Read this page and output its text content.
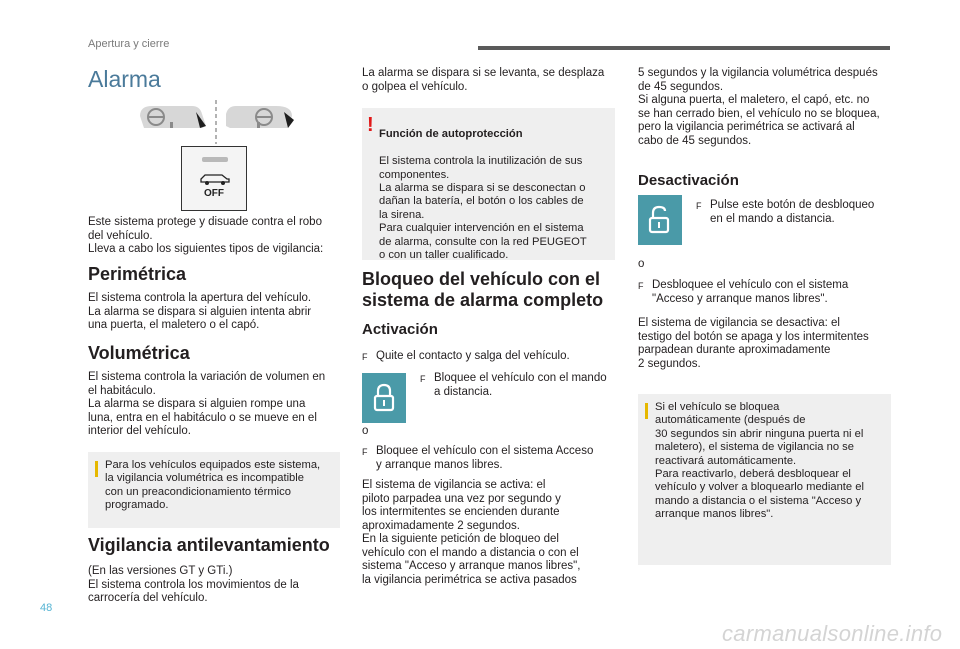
Apertura y cierre
Alarma
OFF
Este sistema protege y disuade contra el robo
del vehículo.
Lleva a cabo los siguientes tipos de vigilancia:
Perimétrica
El sistema controla la apertura del vehículo.
La alarma se dispara si alguien intenta abrir
una puerta, el maletero o el capó.
Volumétrica
El sistema controla la variación de volumen en
el habitáculo.
La alarma se dispara si alguien rompe una
luna, entra en el habitáculo o se mueve en el
interior del vehículo.
Para los vehículos equipados este sistema,
la vigilancia volumétrica es incompatible
con un preacondicionamiento térmico
programado.
Vigilancia antilevantamiento
(En las versiones GT y GTi.)
El sistema controla los movimientos de la
carrocería del vehículo.
La alarma se dispara si se levanta, se desplaza
o golpea el vehículo.
! Función de autoprotección

El sistema controla la inutilización de sus
componentes.
La alarma se dispara si se desconectan o
dañan la batería, el botón o los cables de
la sirena.
Para cualquier intervención en el sistema
de alarma, consulte con la red PEUGEOT
o con un taller cualificado.

Bloqueo del vehículo con el
sistema de alarma completo
Activación
F Quite el contacto y salga del vehículo.
F Bloquee el vehículo con el mando
a distancia.
o
F Bloquee el vehículo con el sistema Acceso
y arranque manos libres.
El sistema de vigilancia se activa: el
piloto parpadea una vez por segundo y
los intermitentes se encienden durante
aproximadamente 2 segundos.
En la siguiente petición de bloqueo del
vehículo con el mando a distancia o con el
sistema "Acceso y arranque manos libres",
la vigilancia perimétrica se activa pasados
5 segundos y la vigilancia volumétrica después
de 45 segundos.
Si alguna puerta, el maletero, el capó, etc. no
se han cerrado bien, el vehículo no se bloquea,
pero la vigilancia perimétrica se activará al
cabo de 45 segundos.
Desactivación
F Pulse este botón de desbloqueo
en el mando a distancia.
o
F Desbloquee el vehículo con el sistema
"Acceso y arranque manos libres".
El sistema de vigilancia se desactiva: el
testigo del botón se apaga y los intermitentes
parpadean durante aproximadamente
2 segundos.
Si el vehículo se bloquea
automáticamente (después de
30 segundos sin abrir ninguna puerta ni el
maletero), el sistema de vigilancia no se
reactivará automáticamente.
Para reactivarlo, deberá desbloquear el
vehículo y volver a bloquearlo mediante el
mando a distancia o el sistema "Acceso y
arranque manos libres".
48
carmanualsonline.info
